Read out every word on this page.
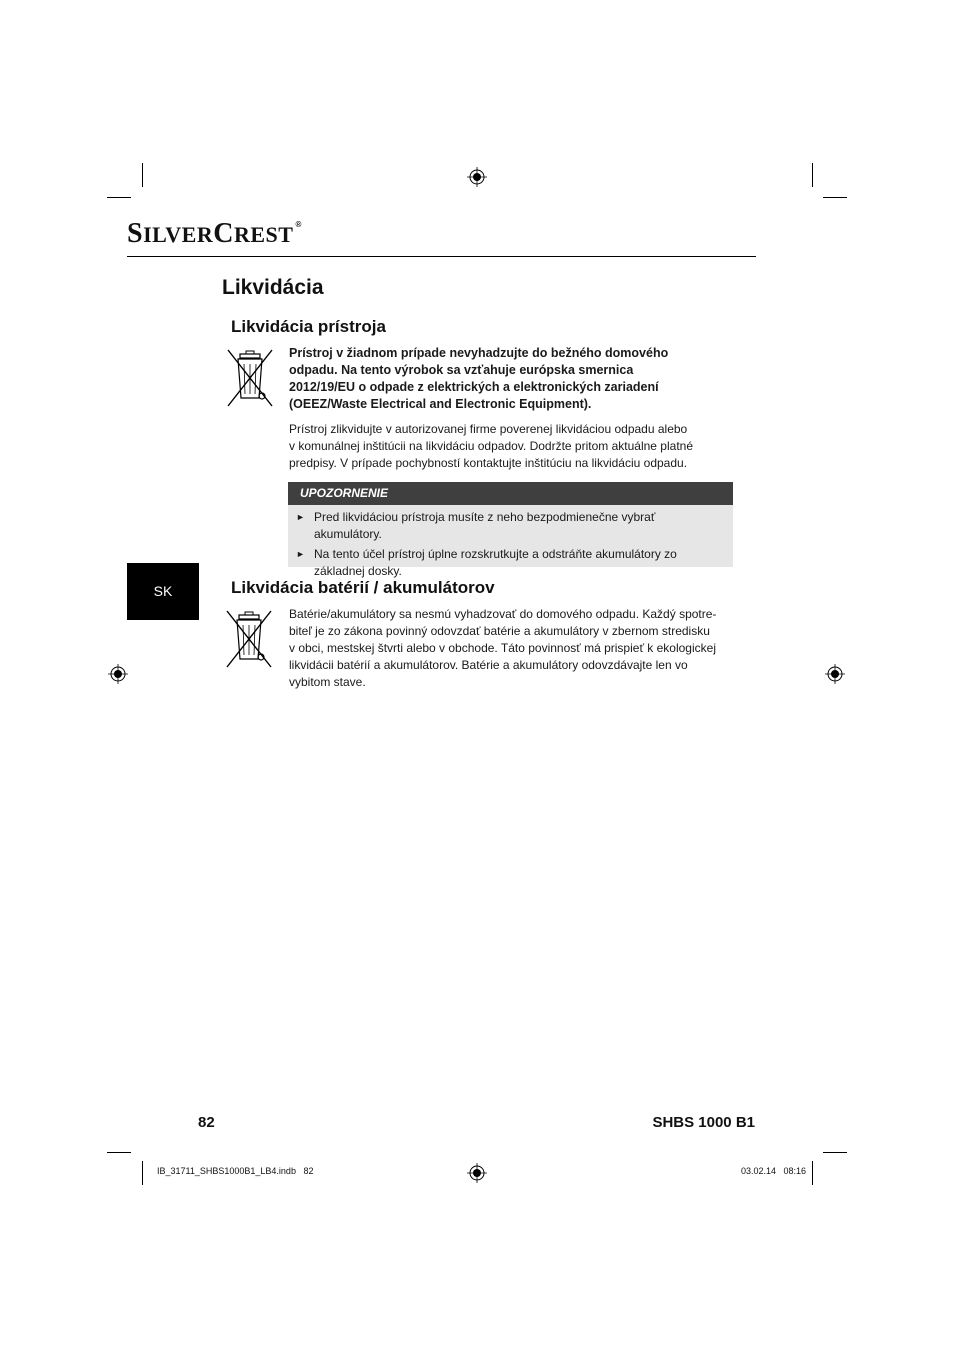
SILVERCREST ®
Likvidácia
Likvidácia prístroja

Prístroj v žiadnom prípade nevyhadzujte do bežného domového
odpadu. Na tento výrobok sa vzťahuje európska smernica
2012/19/EU o odpade z elektrických a elektronických zariadení
(OEEZ/Waste Electrical and Electronic Equipment).

Prístroj zlikvidujte v autorizovanej firme poverenej likvidáciou odpadu alebo
v komunálnej inštitúcii na likvidáciu odpadov. Dodržte pritom aktuálne platné
predpisy. V prípade pochybností kontaktujte inštitúciu na likvidáciu odpadu.

UPOZORNENIE
► Pred likvidáciou prístroja musíte z neho bezpodmienečne vybrať akumulátory.
► Na tento účel prístroj úplne rozskrutkujte a odstráňte akumulátory zo základnej dosky.
SK	Likvidácia batérií / akumulátorov

Batérie/akumulátory sa nesmú vyhadzovať do domového odpadu. Každý spotre-
biteľ je zo zákona povinný odovzdať batérie a akumulátory v zbernom stredisku
v obci, mestskej štvrti alebo v obchode. Táto povinnosť má prispieť k ekologickej
likvidácii batérií a akumulátorov. Batérie a akumulátory odovzdávajte len vo
vybitom stave.

82	SHBS 1000 B1
IB_31711_SHBS1000B1_LB4.indb   82	03.02.14   08:16
